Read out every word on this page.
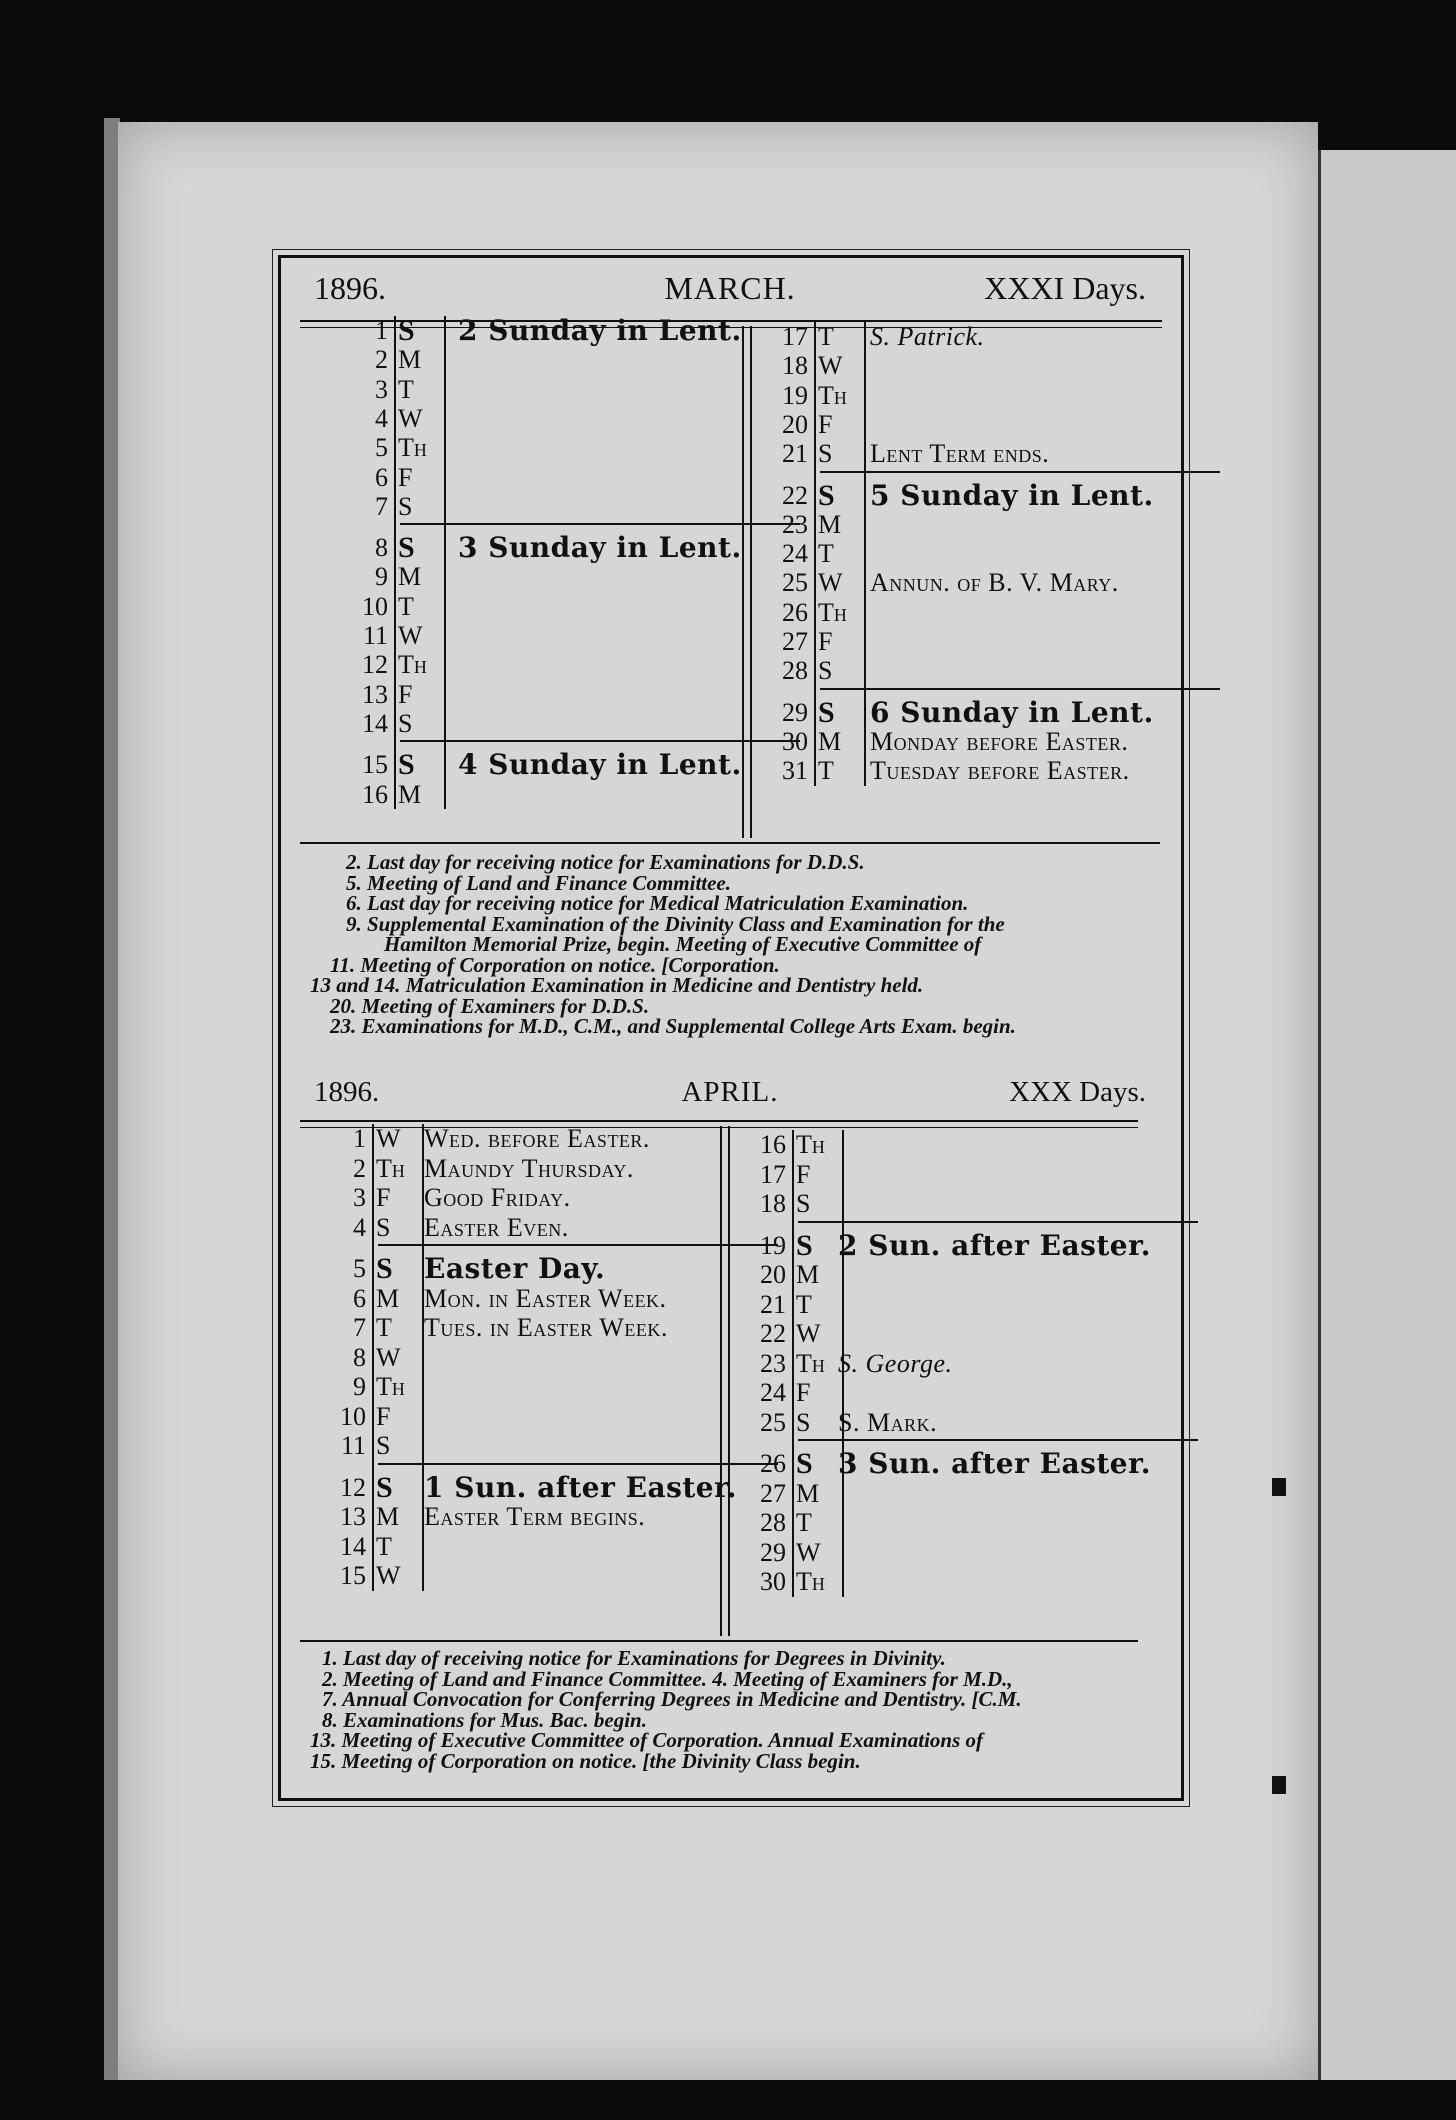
1896.	MARCH.	XXXI Days.
1 S 2 Sunday in Lent.
2 M
3 T
4 W
5 Th
6 F
7 S
8 S 3 Sunday in Lent.
9 M
10 T
11 W
12 Th
13 F
14 S
15 S 4 Sunday in Lent.
16 M
17 T S. Patrick.
18 W
19 Th
20 F
21 S Lent Term ends.
22 S 5 Sunday in Lent.
23 M
24 T
25 W Annun. of B. V. Mary.
26 Th
27 F
28 S
29 S 6 Sunday in Lent.
30 M Monday before Easter.
31 T Tuesday before Easter.
2. Last day for receiving notice for Examinations for D.D.S.
5. Meeting of Land and Finance Committee.
6. Last day for receiving notice for Medical Matriculation Examination.
9. Supplemental Examination of the Divinity Class and Examination for the
Hamilton Memorial Prize, begin. Meeting of Executive Committee of
11. Meeting of Corporation on notice. [Corporation.
13 and 14. Matriculation Examination in Medicine and Dentistry held.
20. Meeting of Examiners for D.D.S.
23. Examinations for M.D., C.M., and Supplemental College Arts Exam. begin.
1896.	APRIL.	XXX Days.
1 W Wed. before Easter.
2 Th Maundy Thursday.
3 F Good Friday.
4 S Easter Even.
5 S Easter Day.
6 M Mon. in Easter Week.
7 T Tues. in Easter Week.
8 W
9 Th
10 F
11 S
12 S 1 Sun. after Easter.
13 M Easter Term begins.
14 T
15 W
16 Th
17 F
18 S
19 S 2 Sun. after Easter.
20 M
21 T
22 W
23 Th S. George.
24 F
25 S S. Mark.
26 S 3 Sun. after Easter.
27 M
28 T
29 W
30 Th
1. Last day of receiving notice for Examinations for Degrees in Divinity.
2. Meeting of Land and Finance Committee. 4. Meeting of Examiners for M.D.,
7. Annual Convocation for Conferring Degrees in Medicine and Dentistry. [C.M.
8. Examinations for Mus. Bac. begin.
13. Meeting of Executive Committee of Corporation. Annual Examinations of
15. Meeting of Corporation on notice. [the Divinity Class begin.
